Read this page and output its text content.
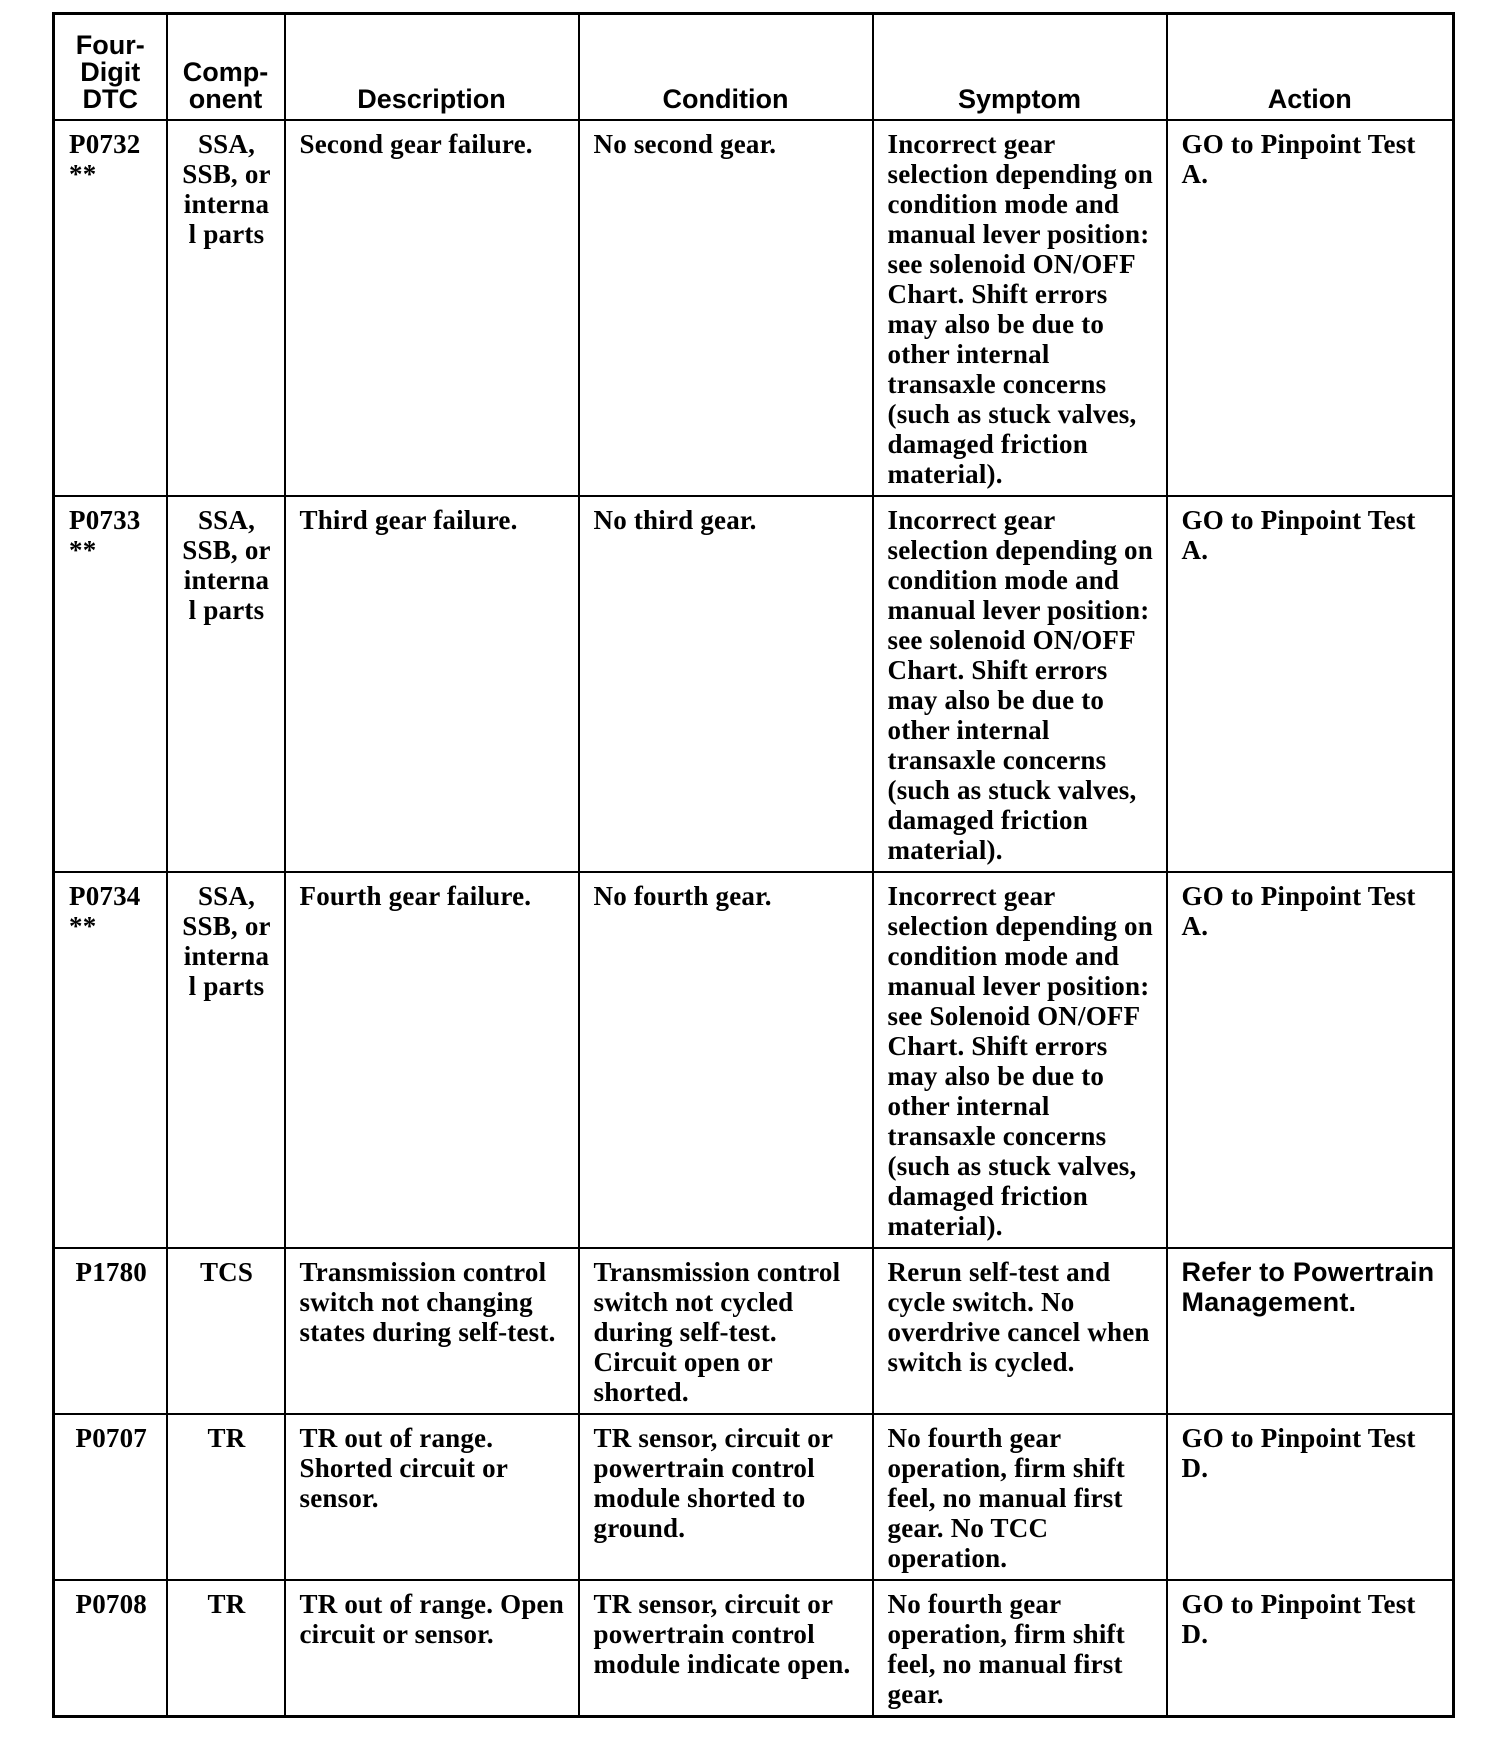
Four-Digit DTC	Comp-onent	Description	Condition	Symptom	Action
P0732**	SSA, SSB, or internal parts	Second gear failure.	No second gear.	Incorrect gear selection depending on condition mode and manual lever position: see solenoid ON/OFF Chart. Shift errors may also be due to other internal transaxle concerns (such as stuck valves, damaged friction material).	GO to Pinpoint Test A.
P0733**	SSA, SSB, or internal parts	Third gear failure.	No third gear.	Incorrect gear selection depending on condition mode and manual lever position: see solenoid ON/OFF Chart. Shift errors may also be due to other internal transaxle concerns (such as stuck valves, damaged friction material).	GO to Pinpoint Test A.
P0734**	SSA, SSB, or internal parts	Fourth gear failure.	No fourth gear.	Incorrect gear selection depending on condition mode and manual lever position: see Solenoid ON/OFF Chart. Shift errors may also be due to other internal transaxle concerns (such as stuck valves, damaged friction material).	GO to Pinpoint Test A.
P1780	TCS	Transmission control switch not changing states during self-test.	Transmission control switch not cycled during self-test. Circuit open or shorted.	Rerun self-test and cycle switch. No overdrive cancel when switch is cycled.	Refer to Powertrain Management.
P0707	TR	TR out of range. Shorted circuit or sensor.	TR sensor, circuit or powertrain control module shorted to ground.	No fourth gear operation, firm shift feel, no manual first gear. No TCC operation.	GO to Pinpoint Test D.
P0708	TR	TR out of range. Open circuit or sensor.	TR sensor, circuit or powertrain control module indicate open.	No fourth gear operation, firm shift feel, no manual first gear.	GO to Pinpoint Test D.
